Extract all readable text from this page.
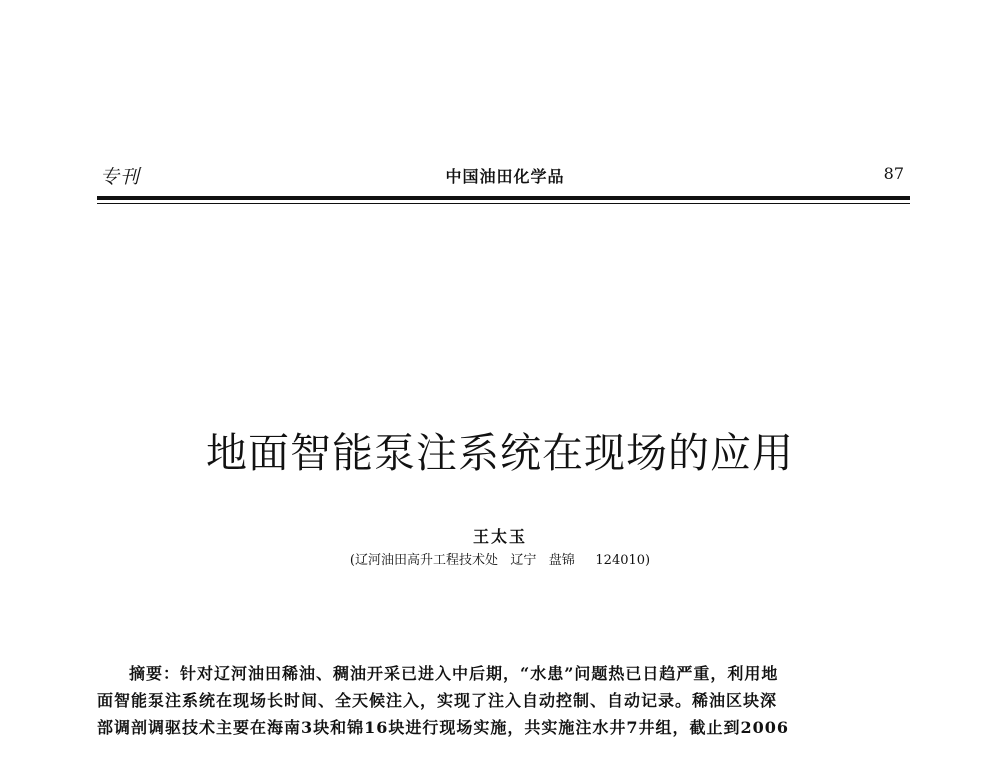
专刊	中国油田化学品	87
地面智能泵注系统在现场的应用
王太玉
(辽河油田高升工程技术处   辽宁   盘锦     124010)
摘要：针对辽河油田稀油、稠油开采已进入中后期，“水患”问题热已日趋严重，利用地
面智能泵注系统在现场长时间、全天候注入，实现了注入自动控制、自动记录。稀油区块深
部调剖调驱技术主要在海南3块和锦16块进行现场实施，共实施注水井7井组，截止到2006
